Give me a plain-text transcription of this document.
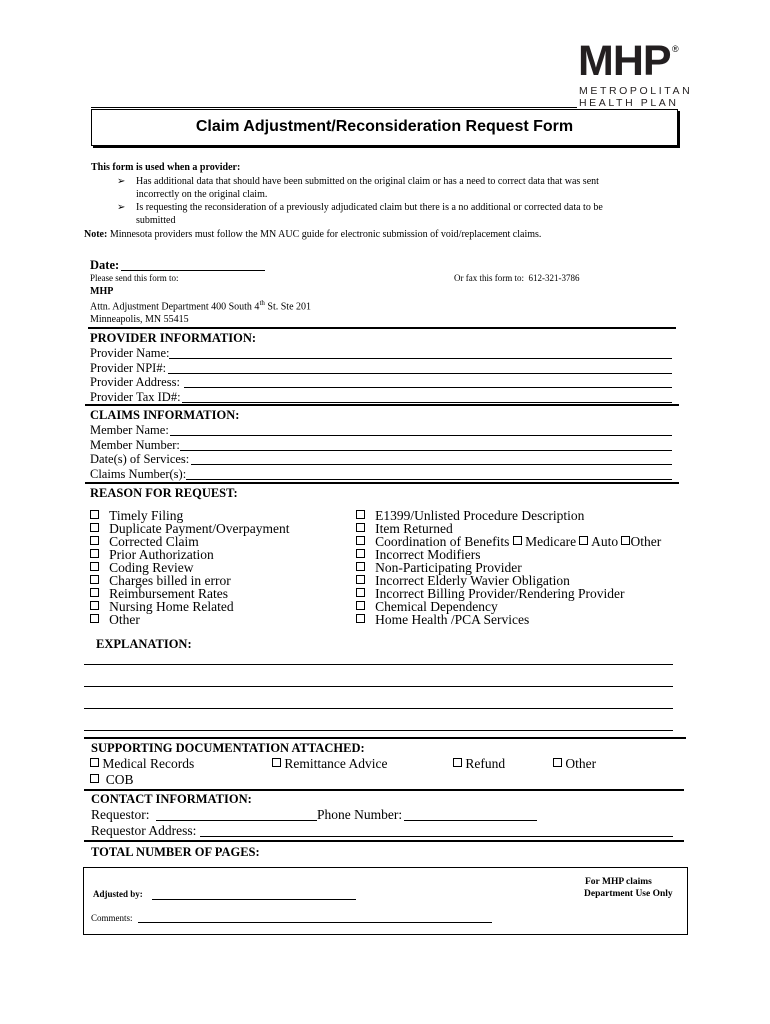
MHP ®
METROPOLITAN
HEALTH PLAN
Claim Adjustment/Reconsideration Request Form
This form is used when a provider:
➢ Has additional data that should have been submitted on the original claim or has a need to correct data that was sent
incorrectly on the original claim.
➢ Is requesting the reconsideration of a previously adjudicated claim but there is a no additional or corrected data to be
submitted
Note: Minnesota providers must follow the MN AUC guide for electronic submission of void/replacement claims.
Date:
Please send this form to:	Or fax this form to: 612-321-3786
MHP
Attn. Adjustment Department 400 South 4th St. Ste 201
Minneapolis, MN 55415
PROVIDER INFORMATION:
Provider Name:
Provider NPI#:
Provider Address:
Provider Tax ID#:
CLAIMS INFORMATION:
Member Name:
Member Number:
Date(s) of Services:
Claims Number(s):
REASON FOR REQUEST:
Timely Filing
Duplicate Payment/Overpayment
Corrected Claim
Prior Authorization
Coding Review
Charges billed in error
Reimbursement Rates
Nursing Home Related
Other
E1399/Unlisted Procedure Description
Item Returned
Coordination of Benefits Medicare Auto Other
Incorrect Modifiers
Non-Participating Provider
Incorrect Elderly Wavier Obligation
Incorrect Billing Provider/Rendering Provider
Chemical Dependency
Home Health /PCA Services
EXPLANATION:
SUPPORTING DOCUMENTATION ATTACHED:
Medical Records	Remittance Advice	Refund	Other
COB
CONTACT INFORMATION:
Requestor:	Phone Number:
Requestor Address:
TOTAL NUMBER OF PAGES:
Adjusted by:
Comments:
For MHP claims
Department Use Only
